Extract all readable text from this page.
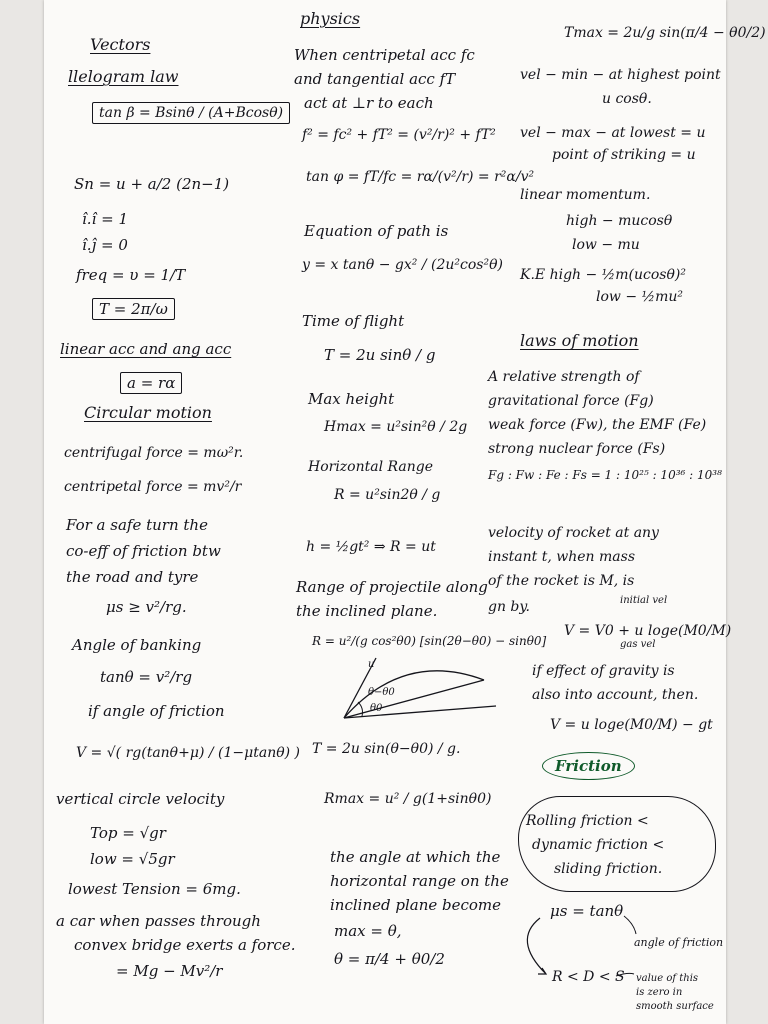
Vectors
llelogram law
tan β = Bsinθ / (A+Bcosθ)
Sn = u + a/2 (2n−1)
î.î = 1
î.ĵ = 0
freq = υ = 1/T
T = 2π/ω
linear acc and ang acc
a = rα
Circular motion
centrifugal force = mω²r.
centripetal force = mv²/r
For a safe turn the
co-eff of friction btw
the road and tyre
μs ≥ v²/rg.
Angle of banking
tanθ = v²/rg
if angle of friction
V = √( rg(tanθ+μ) / (1−μtanθ) )
vertical circle velocity
Top = √gr
low = √5gr
lowest Tension = 6mg.
a car when passes through
convex bridge exerts a force.
= Mg − Mv²/r
physics
When centripetal acc fc
and tangential acc fT
act at ⊥r to each
f² = fc² + fT² = (v²/r)² + fT²
tan φ = fT/fc = rα/(v²/r) = r²α/v²
Equation of path is
y = x tanθ − gx² / (2u²cos²θ)
Time of flight
T = 2u sinθ / g
Max height
Hmax = u²sin²θ / 2g
Horizontal Range
R = u²sin2θ / g
h = ½gt² ⇒ R = ut
Range of projectile along
the inclined plane.
R = u²/(g cos²θ0) [sin(2θ−θ0) − sinθ0]
u
θ−θ0
θ0
T = 2u sin(θ−θ0) / g.
Rmax = u² / g(1+sinθ0)
the angle at which the
horizontal range on the
inclined plane become
max = θ,
θ = π/4 + θ0/2
Tmax = 2u/g sin(π/4 − θ0/2)
vel − min − at highest point
u cosθ.
vel − max − at lowest = u
point of striking = u
linear momentum.
high − mucosθ
low − mu
K.E high − ½m(ucosθ)²
low − ½mu²
laws of motion
A relative strength of
gravitational force (Fg)
weak force (Fw), the EMF (Fe)
strong nuclear force (Fs)
Fg : Fw : Fe : Fs = 1 : 10²⁵ : 10³⁶ : 10³⁸
velocity of rocket at any
instant t, when mass
of the rocket is M, is
gn by.
V = V0 + u loge(M0/M)
initial vel
gas vel
if effect of gravity is
also into account, then.
V = u loge(M0/M) − gt
Friction
Rolling friction <
dynamic friction <
sliding friction.
μs = tanθ
angle of friction
R < D < S value of this
is zero in
smooth surface
